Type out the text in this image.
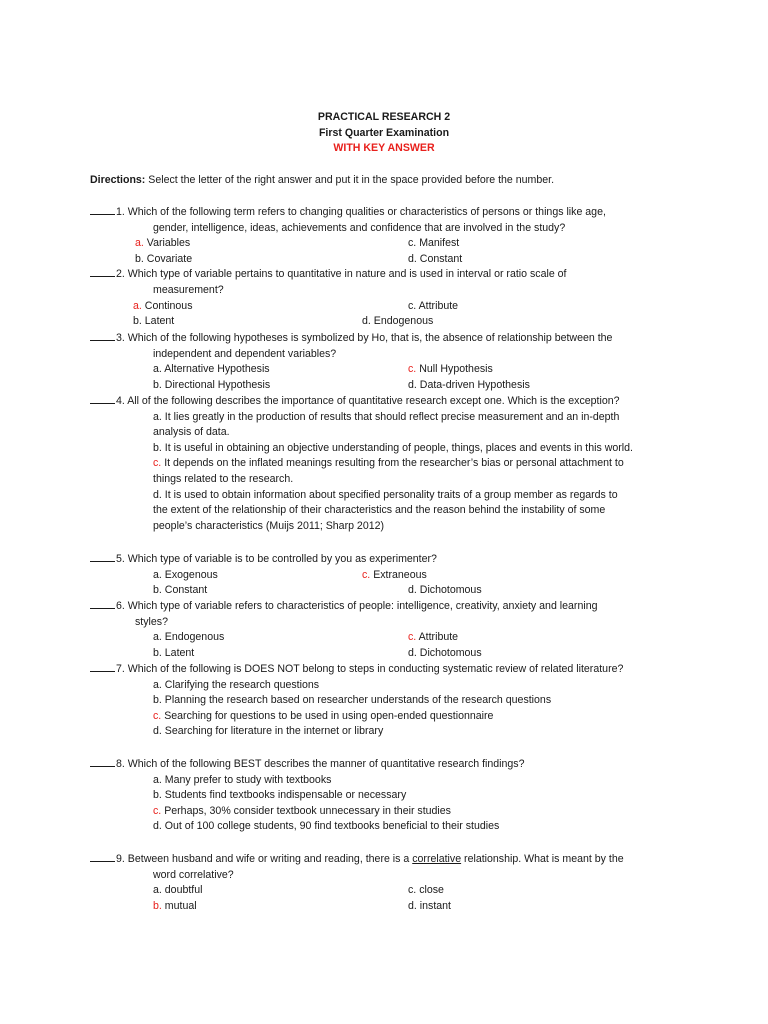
PRACTICAL RESEARCH 2
First Quarter Examination
WITH KEY ANSWER
Directions: Select the letter of the right answer and put it in the space provided before the number.
1. Which of the following term refers to changing qualities or characteristics of persons or things like age,
gender, intelligence, ideas, achievements and confidence that are involved in the study?
a. Variables	c. Manifest
b. Covariate	d. Constant
2. Which type of variable pertains to quantitative in nature and is used in interval or ratio scale of
measurement?
a. Continous	c. Attribute
b. Latent	d. Endogenous
3. Which of the following hypotheses is symbolized by Ho, that is, the absence of relationship between the
independent and dependent variables?
a. Alternative Hypothesis	c. Null Hypothesis
b. Directional Hypothesis	d. Data-driven Hypothesis
4. All of the following describes the importance of quantitative research except one. Which is the exception?
a. It lies greatly in the production of results that should reflect precise measurement and an in-depth
analysis of data.
b. It is useful in obtaining an objective understanding of people, things, places and events in this world.
c. It depends on the inflated meanings resulting from the researcher’s bias or personal attachment to
things related to the research.
d. It is used to obtain information about specified personality traits of a group member as regards to
the extent of the relationship of their characteristics and the reason behind the instability of some
people’s characteristics (Muijs 2011; Sharp 2012)
5. Which type of variable is to be controlled by you as experimenter?
a. Exogenous	c. Extraneous
b. Constant	d. Dichotomous
6. Which type of variable refers to characteristics of people: intelligence, creativity, anxiety and learning
styles?
a. Endogenous	c. Attribute
b. Latent	d. Dichotomous
7. Which of the following is DOES NOT belong to steps in conducting systematic review of related literature?
a. Clarifying the research questions
b. Planning the research based on researcher understands of the research questions
c. Searching for questions to be used in using open-ended questionnaire
d. Searching for literature in the internet or library
8. Which of the following BEST describes the manner of quantitative research findings?
a. Many prefer to study with textbooks
b. Students find textbooks indispensable or necessary
c. Perhaps, 30% consider textbook unnecessary in their studies
d. Out of 100 college students, 90 find textbooks beneficial to their studies
9. Between husband and wife or writing and reading, there is a correlative relationship. What is meant by the
word correlative?
a. doubtful	c. close
b. mutual	d. instant
